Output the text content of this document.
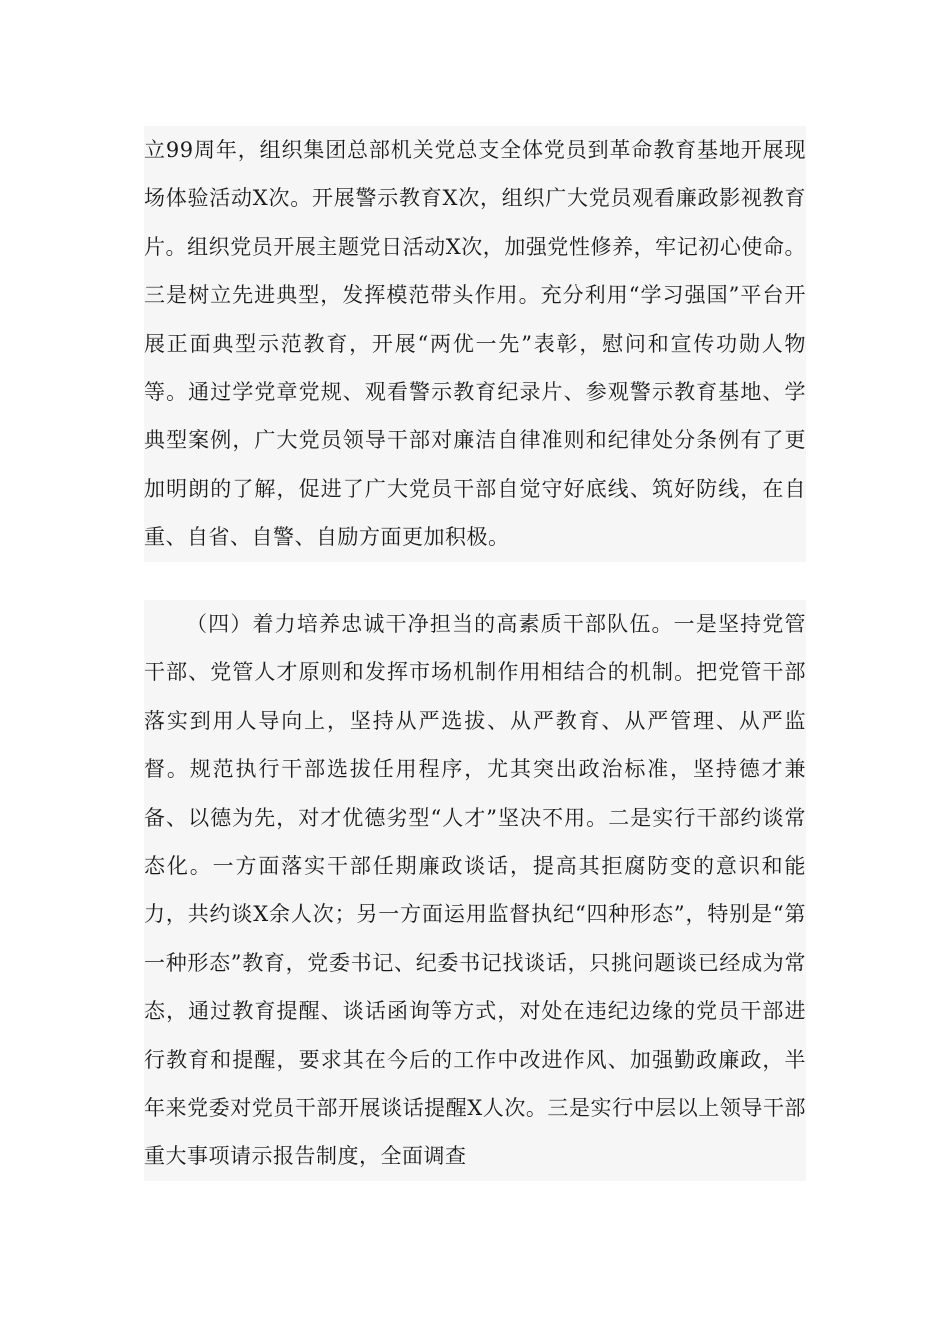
立99周年，组织集团总部机关党总支全体党员到革命教育基地开展现场体验活动X次。开展警示教育X次，组织广大党员观看廉政影视教育片。组织党员开展主题党日活动X次，加强党性修养，牢记初心使命。三是树立先进典型，发挥模范带头作用。充分利用“学习强国”平台开展正面典型示范教育，开展“两优一先”表彰，慰问和宣传功勋人物等。通过学党章党规、观看警示教育纪录片、参观警示教育基地、学典型案例，广大党员领导干部对廉洁自律准则和纪律处分条例有了更加明朗的了解，促进了广大党员干部自觉守好底线、筑好防线，在自重、自省、自警、自励方面更加积极。

（四）着力培养忠诚干净担当的高素质干部队伍。一是坚持党管干部、党管人才原则和发挥市场机制作用相结合的机制。把党管干部落实到用人导向上，坚持从严选拔、从严教育、从严管理、从严监督。规范执行干部选拔任用程序，尤其突出政治标准，坚持德才兼备、以德为先，对才优德劣型“人才”坚决不用。二是实行干部约谈常态化。一方面落实干部任期廉政谈话，提高其拒腐防变的意识和能力，共约谈X余人次；另一方面运用监督执纪“四种形态”，特别是“第一种形态”教育，党委书记、纪委书记找谈话，只挑问题谈已经成为常态，通过教育提醒、谈话函询等方式，对处在违纪边缘的党员干部进行教育和提醒，要求其在今后的工作中改进作风、加强勤政廉政，半年来党委对党员干部开展谈话提醒X人次。三是实行中层以上领导干部重大事项请示报告制度，全面调查
